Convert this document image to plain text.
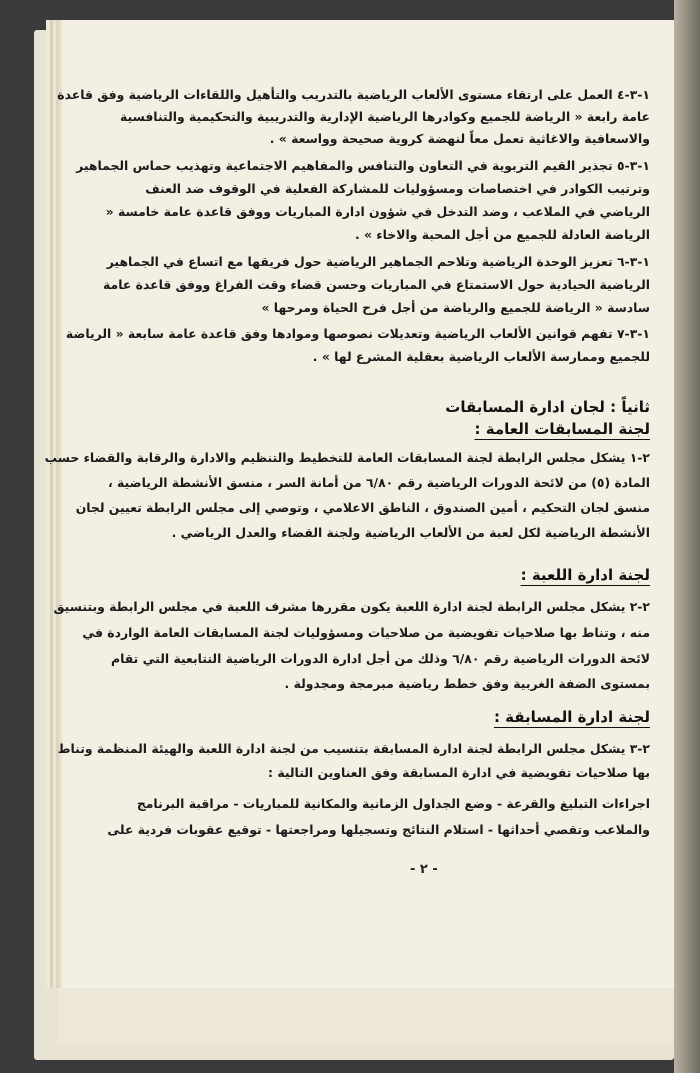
١-٣-٤ العمل على ارتقاء مستوى الألعاب الرياضية بالتدريب والتأهيل واللقاءات الرياضية وفق قاعدة
عامة رابعة « الرياضة للجميع وكوادرها الرياضية الإدارية والتدريبية والتحكيمية والتنافسية
والاسعافية والاغاثية تعمل معاً لنهضة كروية صحيحة وواسعة » .
١-٣-٥ تجذير القيم التربوية في التعاون والتنافس والمفاهيم الاجتماعية وتهذيب حماس الجماهير
وترتيب الكوادر في اختصاصات ومسؤوليات للمشاركة الفعلية في الوقوف ضد العنف
الرياضي في الملاعب ، وضد التدخل في شؤون ادارة المباريات ووفق قاعدة عامة خامسة «
الرياضة العادلة للجميع من أجل المحبة والاخاء » .
١-٣-٦ تعزيز الوحدة الرياضية وتلاحم الجماهير الرياضية حول فريقها مع اتساع في الجماهير
الرياضية الحيادية حول الاستمتاع في المباريات وحسن قضاء وقت الفراغ ووفق قاعدة عامة
سادسة « الرياضة للجميع والرياضة من أجل فرح الحياة ومرحها »
١-٣-٧ تفهم قوانين الألعاب الرياضية وتعديلات نصوصها وموادها وفق قاعدة عامة سابعة « الرياضة
للجميع وممارسة الألعاب الرياضية بعقلية المشرع لها » .
ثانياً : لجان ادارة المسابقات
لجنة المسابقات العامة :
٢-١ يشكل مجلس الرابطة لجنة المسابقات العامة للتخطيط والتنظيم والادارة والرقابة والقضاء حسب
المادة (٥) من لائحة الدورات الرياضية رقم ٦/٨٠ من أمانة السر ، منسق الأنشطة الرياضية ،
منسق لجان التحكيم ، أمين الصندوق ، الناطق الاعلامي ، وتوصي إلى مجلس الرابطة تعيين لجان
الأنشطة الرياضية لكل لعبة من الألعاب الرياضية ولجنة القضاء والعدل الرياضي .
لجنة ادارة اللعبة :
٢-٢ يشكل مجلس الرابطة لجنة ادارة اللعبة يكون مقررها مشرف اللعبة في مجلس الرابطة وبتنسيق
منه ، وتناط بها صلاحيات تفويضية من صلاحيات ومسؤوليات لجنة المسابقات العامة الواردة في
لائحة الدورات الرياضية رقم ٦/٨٠ وذلك من أجل ادارة الدورات الرياضية التتابعية التي تقام
بمستوى الضفة الغربية وفق خطط رياضية مبرمجة ومجدولة .
لجنة ادارة المسابقة :
٢-٣ يشكل مجلس الرابطة لجنة ادارة المسابقة بتنسيب من لجنة ادارة اللعبة والهيئة المنظمة وتناط
بها صلاحيات تفويضية في ادارة المسابقة وفق العناوين التالية :
اجراءات التبليغ والقرعة - وضع الجداول الزمانية والمكانية للمباريات - مراقبة البرنامج
والملاعب وتقصي أحداثها - استلام النتائج وتسجيلها ومراجعتها - توقيع عقوبات فردية على
- ٢ -
